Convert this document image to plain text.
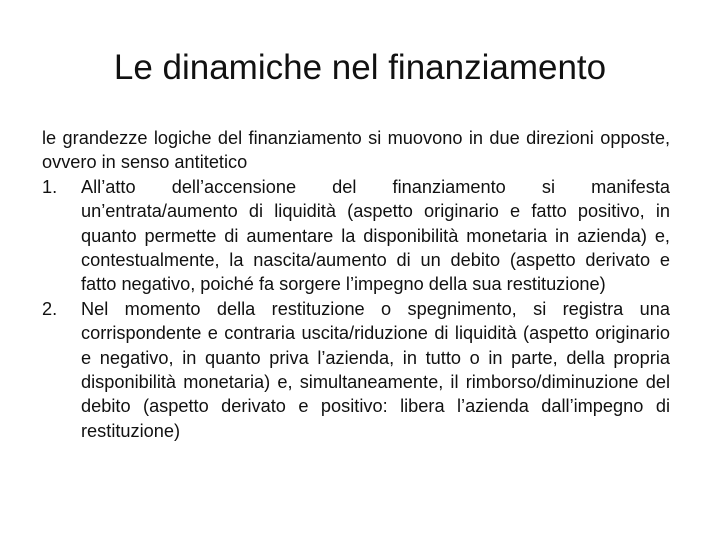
Le dinamiche nel finanziamento

le grandezze logiche del finanziamento si muovono in due direzioni opposte, ovvero in senso antitetico

1. All’atto dell’accensione del finanziamento si manifesta un’entrata/aumento di liquidità (aspetto originario e fatto positivo, in quanto permette di aumentare la disponibilità monetaria in azienda) e, contestualmente, la nascita/aumento di un debito (aspetto derivato e fatto negativo, poiché fa sorgere l’impegno della sua restituzione)
2. Nel momento della restituzione o spegnimento, si registra una corrispondente e contraria uscita/riduzione di liquidità (aspetto originario e negativo, in quanto priva l’azienda, in tutto o in parte, della propria disponibilità monetaria) e, simultaneamente, il rimborso/diminuzione del debito (aspetto derivato e positivo: libera l’azienda dall’impegno di restituzione)
